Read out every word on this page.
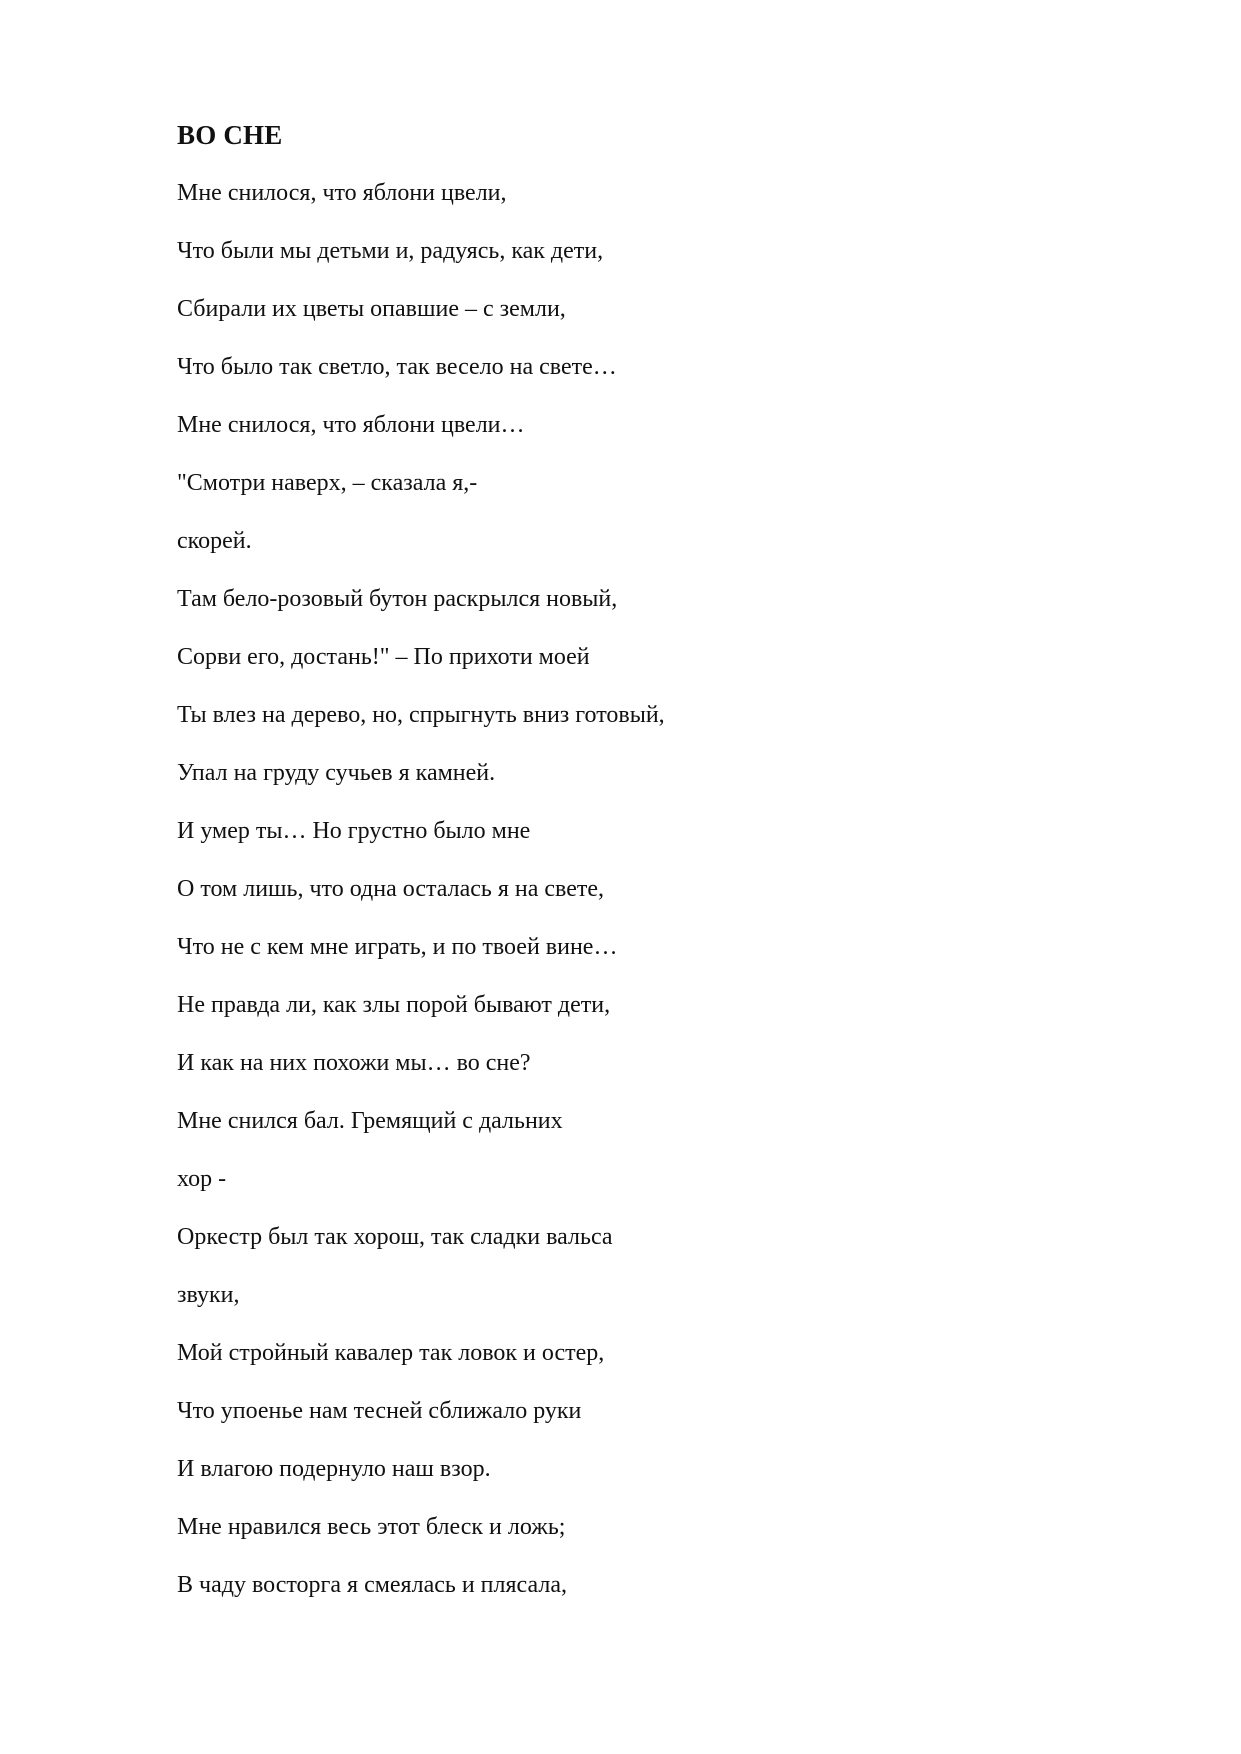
ВО СНЕ
Мне снилося, что яблони цвели,
Что были мы детьми и, радуясь, как дети,
Сбирали их цветы опавшие – с земли,
Что было так светло, так весело на свете…
Мне снилося, что яблони цвели…
"Смотри наверх, – сказала я,-
скорей.
Там бело-розовый бутон раскрылся новый,
Сорви его, достань!" – По прихоти моей
Ты влез на дерево, но, спрыгнуть вниз готовый,
Упал на груду сучьев я камней.
И умер ты… Но грустно было мне
О том лишь, что одна осталась я на свете,
Что не с кем мне играть, и по твоей вине…
Не правда ли, как злы порой бывают дети,
И как на них похожи мы… во сне?
Мне снился бал. Гремящий с дальних
хор -
Оркестр был так хорош, так сладки вальса
звуки,
Мой стройный кавалер так ловок и остер,
Что упоенье нам тесней сближало руки
И влагою подернуло наш взор.
Мне нравился весь этот блеск и ложь;
В чаду восторга я смеялась и плясала,
